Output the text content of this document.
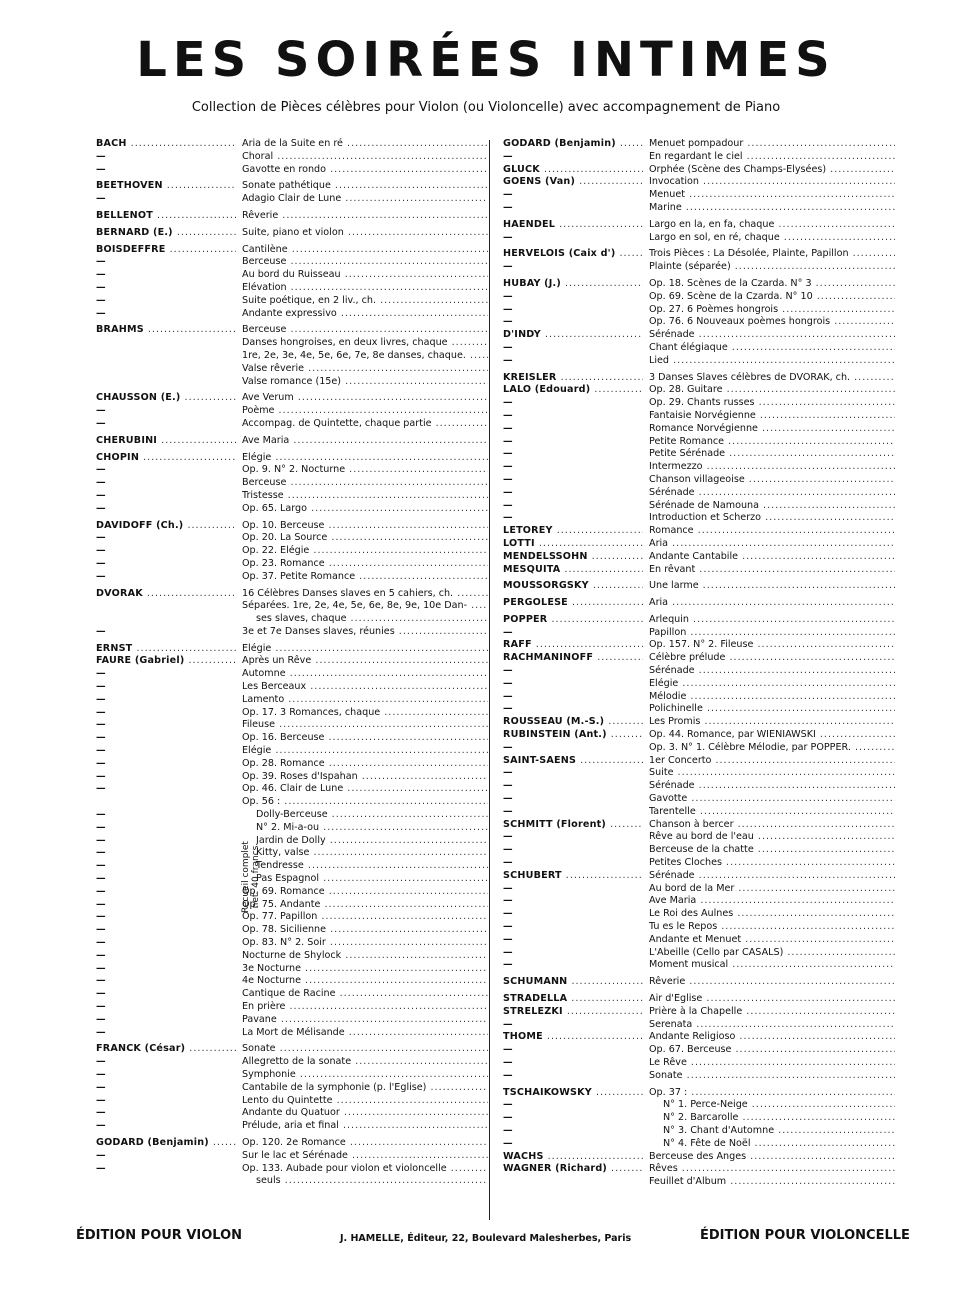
LES SOIRÉES INTIMES

Collection de Pièces célèbres pour Violon (ou Violoncelle) avec accompagnement de Piano

BACH .....	Aria de la Suite en ré .....
—	Choral .....
—	Gavotte en rondo .....
BEETHOVEN .....	Sonate pathétique .....
—	Adagio Clair de Lune .....
BELLENOT .....	Rêverie .....
BERNARD (E.) .....	Suite, piano et violon .....
BOISDEFFRE .....	Cantilène .....
—	Berceuse .....
—	Au bord du Ruisseau .....
—	Elévation .....
—	Suite poétique, en 2 liv., ch. .....
—	Andante expressivo .....
BRAHMS .....	Berceuse .....
Danses hongroises, en deux livres, chaque .....
1re, 2e, 3e, 4e, 5e, 6e, 7e, 8e danses, chaque. .....
Valse rêverie .....
Valse romance (15e) .....
CHAUSSON (E.) .....	Ave Verum .....
—	Poème .....
—	Accompag. de Quintette, chaque partie .....
CHERUBINI .....	Ave Maria .....
CHOPIN .....	Elégie .....
—	Op. 9. N° 2. Nocturne .....
—	Berceuse .....
—	Tristesse .....
—	Op. 65. Largo .....
DAVIDOFF (Ch.) .....	Op. 10. Berceuse .....
—	Op. 20. La Source .....
—	Op. 22. Elégie .....
—	Op. 23. Romance .....
—	Op. 37. Petite Romance .....
DVORAK .....	16 Célèbres Danses slaves en 5 cahiers, ch. .....
Séparées. 1re, 2e, 4e, 5e, 6e, 8e, 9e, 10e Dan- .....
ses slaves, chaque .....
—	3e et 7e Danses slaves, réunies .....
ERNST .....	Elégie .....
FAURE (Gabriel) .....	Après un Rêve .....
—	Automne .....
—	Les Berceaux .....
—	Lamento .....
—	Op. 17. 3 Romances, chaque .....
—	Fileuse .....
—	Op. 16. Berceuse .....
—	Elégie .....
—	Op. 28. Romance .....
—	Op. 39. Roses d'Ispahan .....
—	Op. 46. Clair de Lune .....
Op. 56 : .....
—	Dolly-Berceuse .....
—	N° 2. Mi-a-ou .....
—	Jardin de Dolly .....
—	Kitty, valse .....
—	Tendresse .....
—	Pas Espagnol .....
—	Op. 69. Romance .....
—	Op. 75. Andante .....
—	Op. 77. Papillon .....
—	Op. 78. Sicilienne .....
—	Op. 83. N° 2. Soir .....
—	Nocturne de Shylock .....
—	3e Nocturne .....
—	4e Nocturne .....
—	Cantique de Racine .....
—	En prière .....
—	Pavane .....
—	La Mort de Mélisande .....
FRANCK (César) .....	Sonate .....
—	Allegretto de la sonate .....
—	Symphonie .....
—	Cantabile de la symphonie (p. l'Eglise) .....
—	Lento du Quintette .....
—	Andante du Quatuor .....
—	Prélude, aria et final .....
GODARD (Benjamin) .....	Op. 120. 2e Romance .....
—	Sur le lac et Sérénade .....
—	Op. 133. Aubade pour violon et violoncelle .....
seuls .....
GODARD (Benjamin) .....	Menuet pompadour .....
—	En regardant le ciel .....
GLUCK .....	Orphée (Scène des Champs-Elysées) .....
GOENS (Van) .....	Invocation .....
—	Menuet .....
—	Marine .....
HAENDEL .....	Largo en la, en fa, chaque .....
—	Largo en sol, en ré, chaque .....
HERVELOIS (Caix d') .....	Trois Pièces : La Désolée, Plainte, Papillon .....
—	Plainte (séparée) .....
HUBAY (J.) .....	Op. 18. Scènes de la Czarda. N° 3 .....
—	Op. 69. Scène de la Czarda. N° 10 .....
—	Op. 27. 6 Poèmes hongrois .....
—	Op. 76. 6 Nouveaux poèmes hongrois .....
D'INDY .....	Sérénade .....
—	Chant élégiaque .....
—	Lied .....
KREISLER .....	3 Danses Slaves célèbres de DVORAK, ch. .....
LALO (Edouard) .....	Op. 28. Guitare .....
—	Op. 29. Chants russes .....
—	Fantaisie Norvégienne .....
—	Romance Norvégienne .....
—	Petite Romance .....
—	Petite Sérénade .....
—	Intermezzo .....
—	Chanson villageoise .....
—	Sérénade .....
—	Sérénade de Namouna .....
—	Introduction et Scherzo .....
LETOREY .....	Romance .....
LOTTI .....	Aria .....
MENDELSSOHN .....	Andante Cantabile .....
MESQUITA .....	En rêvant .....
MOUSSORGSKY .....	Une larme .....
PERGOLESE .....	Aria .....
POPPER .....	Arlequin .....
—	Papillon .....
RAFF .....	Op. 157. N° 2. Fileuse .....
RACHMANINOFF .....	Célèbre prélude .....
—	Sérénade .....
—	Elégie .....
—	Mélodie .....
—	Polichinelle .....
ROUSSEAU (M.-S.) .....	Les Promis .....
RUBINSTEIN (Ant.) .....	Op. 44. Romance, par WIENIAWSKI .....
—	Op. 3. N° 1. Célèbre Mélodie, par POPPER. .....
SAINT-SAENS .....	1er Concerto .....
—	Suite .....
—	Sérénade .....
—	Gavotte .....
—	Tarentelle .....
SCHMITT (Florent) .....	Chanson à bercer .....
—	Rêve au bord de l'eau .....
—	Berceuse de la chatte .....
—	Petites Cloches .....
SCHUBERT .....	Sérénade .....
—	Au bord de la Mer .....
—	Ave Maria .....
—	Le Roi des Aulnes .....
—	Tu es le Repos .....
—	Andante et Menuet .....
—	L'Abeille (Cello par CASALS) .....
—	Moment musical .....
SCHUMANN .....	Rêverie .....
STRADELLA .....	Air d'Eglise .....
STRELEZKI .....	Prière à la Chapelle .....
—	Serenata .....
THOME .....	Andante Religioso .....
—	Op. 67. Berceuse .....
—	Le Rêve .....
—	Sonate .....
TSCHAIKOWSKY .....	Op. 37 : .....
—	N° 1. Perce-Neige .....
—	N° 2. Barcarolle .....
—	N° 3. Chant d'Automne .....
—	N° 4. Fête de Noël .....
WACHS .....	Berceuse des Anges .....
WAGNER (Richard) .....	Rêves .....
Feuillet d'Album .....
Recueil complet net: 40 francs
ÉDITION POUR VIOLON	J. HAMELLE, Éditeur, 22, Boulevard Malesherbes, Paris	ÉDITION POUR VIOLONCELLE
